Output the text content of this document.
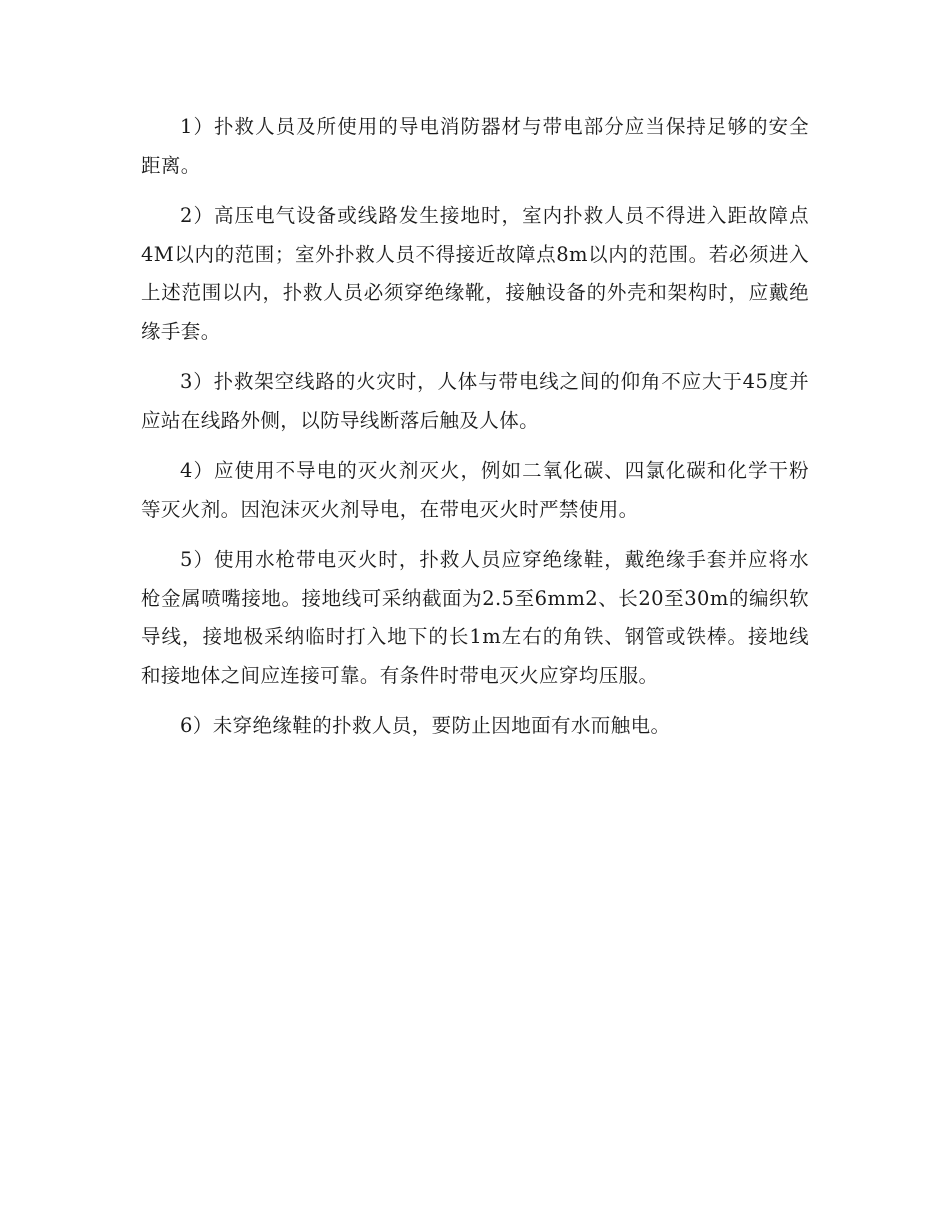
1）扑救人员及所使用的导电消防器材与带电部分应当保持足够的安全距离。

2）高压电气设备或线路发生接地时，室内扑救人员不得进入距故障点4M以内的范围；室外扑救人员不得接近故障点8m以内的范围。若必须进入上述范围以内，扑救人员必须穿绝缘靴，接触设备的外壳和架构时，应戴绝缘手套。

3）扑救架空线路的火灾时，人体与带电线之间的仰角不应大于45度并应站在线路外侧，以防导线断落后触及人体。

4）应使用不导电的灭火剂灭火，例如二氧化碳、四氯化碳和化学干粉等灭火剂。因泡沫灭火剂导电，在带电灭火时严禁使用。

5）使用水枪带电灭火时，扑救人员应穿绝缘鞋，戴绝缘手套并应将水枪金属喷嘴接地。接地线可采纳截面为2.5至6mm2、长20至30m的编织软导线，接地极采纳临时打入地下的长1m左右的角铁、钢管或铁棒。接地线和接地体之间应连接可靠。有条件时带电灭火应穿均压服。

6）未穿绝缘鞋的扑救人员，要防止因地面有水而触电。
